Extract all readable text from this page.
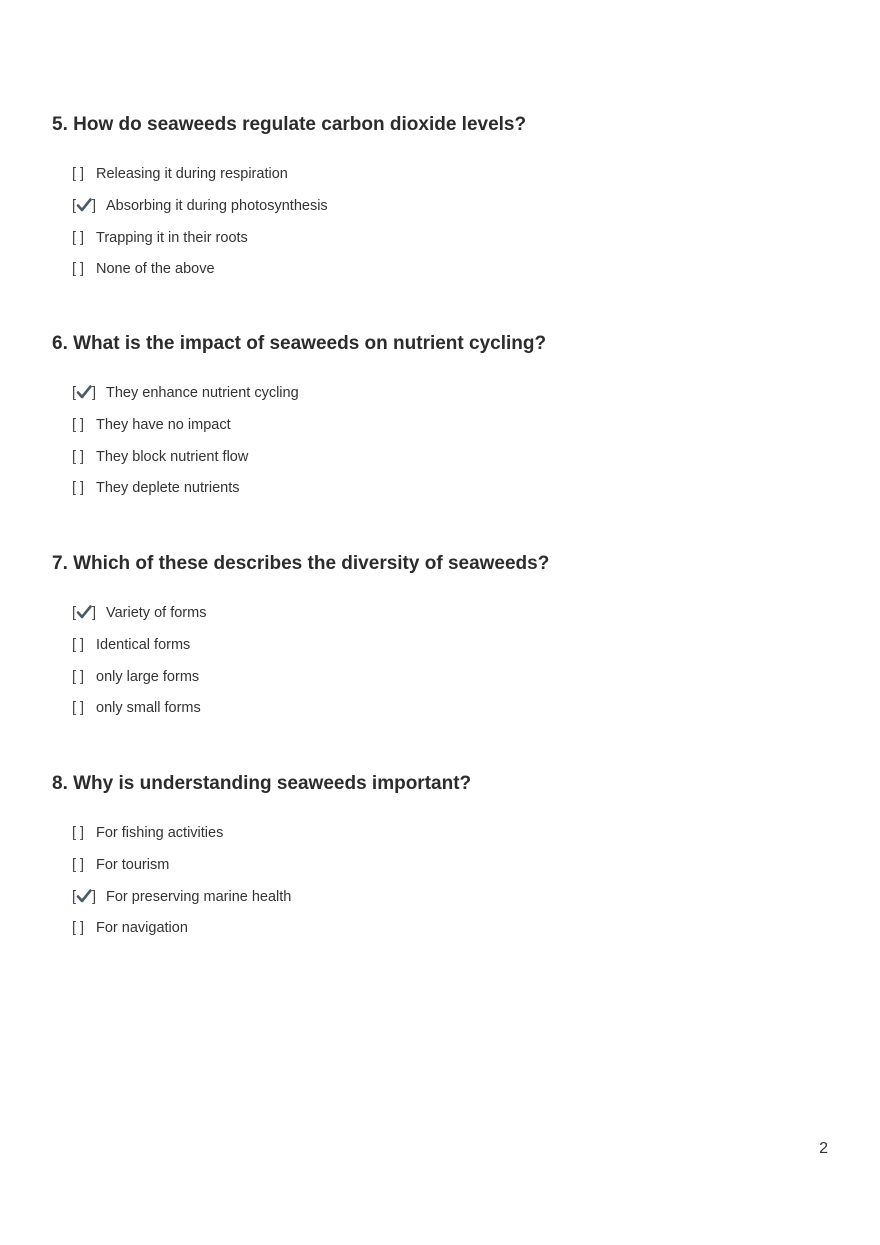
5. How do seaweeds regulate carbon dioxide levels?
[ ] Releasing it during respiration
[ ] Absorbing it during photosynthesis
[ ] Trapping it in their roots
[ ] None of the above
6. What is the impact of seaweeds on nutrient cycling?
[ ] They enhance nutrient cycling
[ ] They have no impact
[ ] They block nutrient flow
[ ] They deplete nutrients
7. Which of these describes the diversity of seaweeds?
[ ] Variety of forms
[ ] Identical forms
[ ] only large forms
[ ] only small forms
8. Why is understanding seaweeds important?
[ ] For fishing activities
[ ] For tourism
[ ] For preserving marine health
[ ] For navigation
2
